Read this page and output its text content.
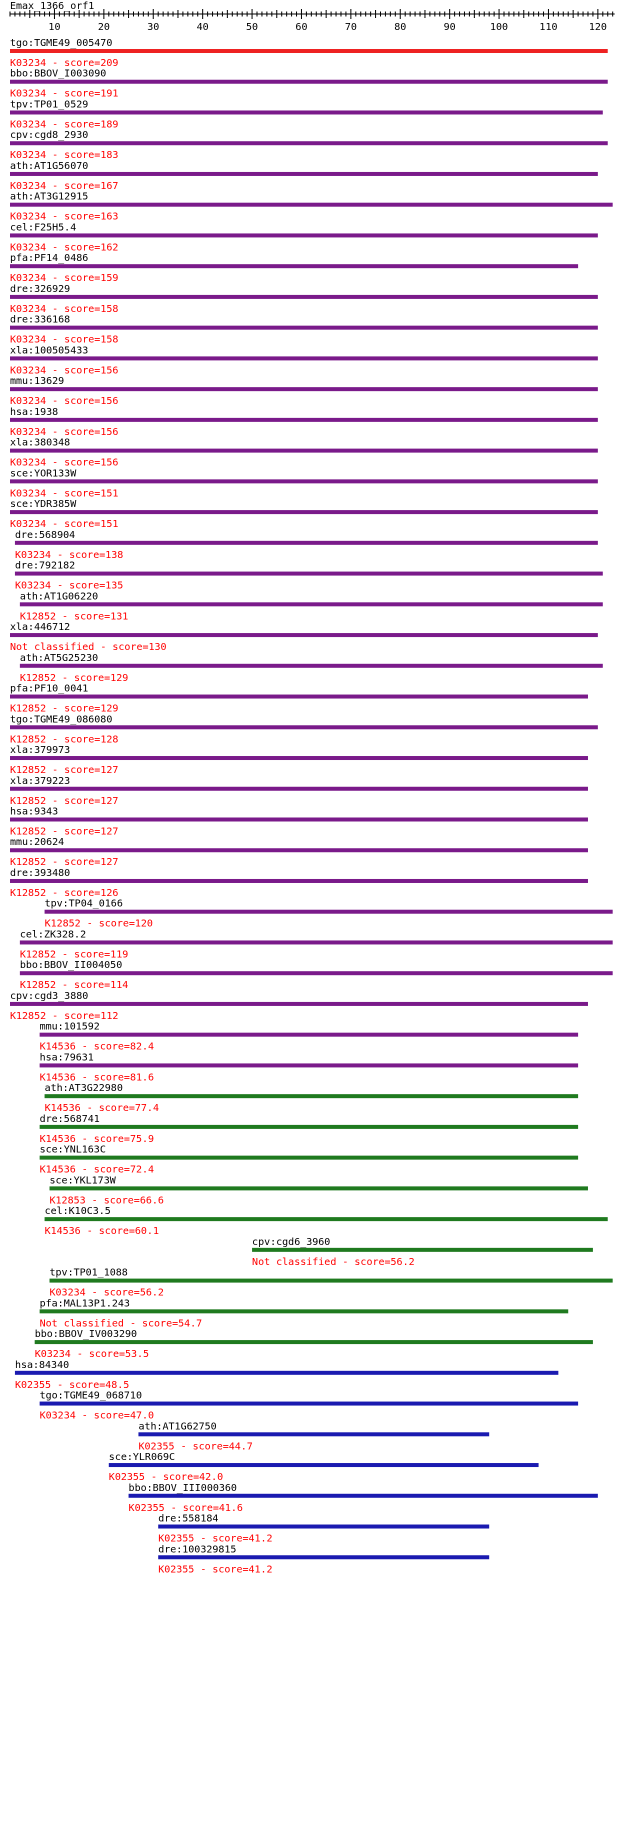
Emax_1366_orf1
10	20	30	40	50	60	70	80	90	100	110	120
tgo:TGME49_005470
K03234 - score=209
bbo:BBOV_I003090
K03234 - score=191
tpv:TP01_0529
K03234 - score=189
cpv:cgd8_2930
K03234 - score=183
ath:AT1G56070
K03234 - score=167
ath:AT3G12915
K03234 - score=163
cel:F25H5.4
K03234 - score=162
pfa:PF14_0486
K03234 - score=159
dre:326929
K03234 - score=158
dre:336168
K03234 - score=158
xla:100505433
K03234 - score=156
mmu:13629
K03234 - score=156
hsa:1938
K03234 - score=156
xla:380348
K03234 - score=156
sce:YOR133W
K03234 - score=151
sce:YDR385W
K03234 - score=151
dre:568904
K03234 - score=138
dre:792182
K03234 - score=135
ath:AT1G06220
K12852 - score=131
xla:446712
Not classified - score=130
ath:AT5G25230
K12852 - score=129
pfa:PF10_0041
K12852 - score=129
tgo:TGME49_086080
K12852 - score=128
xla:379973
K12852 - score=127
xla:379223
K12852 - score=127
hsa:9343
K12852 - score=127
mmu:20624
K12852 - score=127
dre:393480
K12852 - score=126
tpv:TP04_0166
K12852 - score=120
cel:ZK328.2
K12852 - score=119
bbo:BBOV_II004050
K12852 - score=114
cpv:cgd3_3880
K12852 - score=112
mmu:101592
K14536 - score=82.4
hsa:79631
K14536 - score=81.6
ath:AT3G22980
K14536 - score=77.4
dre:568741
K14536 - score=75.9
sce:YNL163C
K14536 - score=72.4
sce:YKL173W
K12853 - score=66.6
cel:K10C3.5
K14536 - score=60.1
cpv:cgd6_3960
Not classified - score=56.2
tpv:TP01_1088
K03234 - score=56.2
pfa:MAL13P1.243
Not classified - score=54.7
bbo:BBOV_IV003290
K03234 - score=53.5
hsa:84340
K02355 - score=48.5
tgo:TGME49_068710
K03234 - score=47.0
ath:AT1G62750
K02355 - score=44.7
sce:YLR069C
K02355 - score=42.0
bbo:BBOV_III000360
K02355 - score=41.6
dre:558184
K02355 - score=41.2
dre:100329815
K02355 - score=41.2
